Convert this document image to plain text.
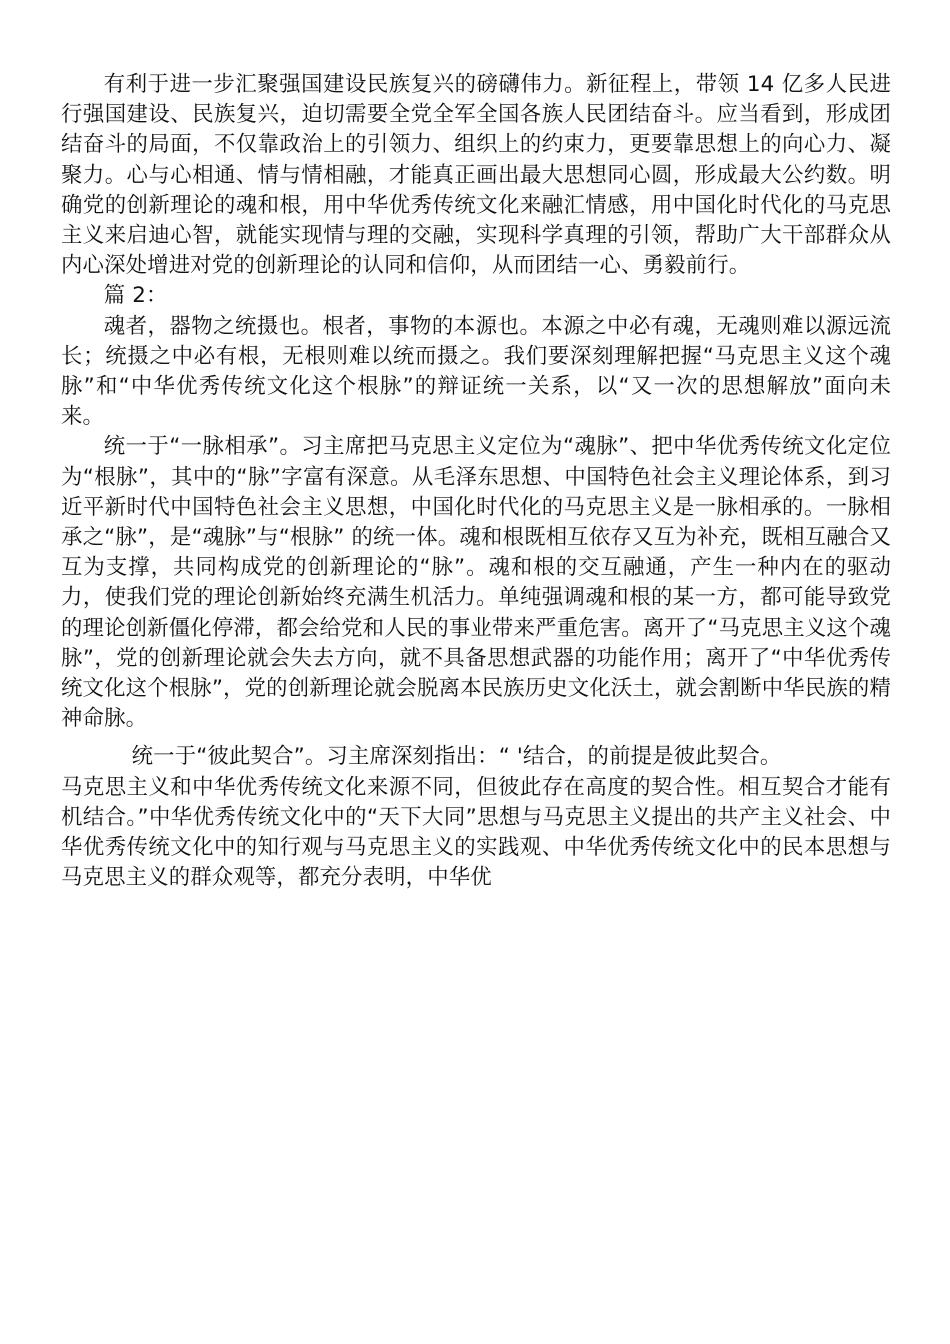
有利于进一步汇聚强国建设民族复兴的磅礴伟力。新征程上，带领 14 亿多人民进行强国建设、民族复兴，迫切需要全党全军全国各族人民团结奋斗。应当看到，形成团结奋斗的局面，不仅靠政治上的引领力、组织上的约束力，更要靠思想上的向心力、凝聚力。心与心相通、情与情相融，才能真正画出最大思想同心圆，形成最大公约数。明确党的创新理论的魂和根，用中华优秀传统文化来融汇情感，用中国化时代化的马克思主义来启迪心智，就能实现情与理的交融，实现科学真理的引领，帮助广大干部群众从内心深处增进对党的创新理论的认同和信仰，从而团结一心、勇毅前行。

篇 2：

魂者，器物之统摄也。根者，事物的本源也。本源之中必有魂，无魂则难以源远流长；统摄之中必有根，无根则难以统而摄之。我们要深刻理解把握“马克思主义这个魂脉”和“中华优秀传统文化这个根脉”的辩证统一关系，以“又一次的思想解放”面向未来。

统一于“一脉相承”。习主席把马克思主义定位为“魂脉”、把中华优秀传统文化定位为“根脉”，其中的“脉”字富有深意。从毛泽东思想、中国特色社会主义理论体系，到习近平新时代中国特色社会主义思想，中国化时代化的马克思主义是一脉相承的。一脉相承之“脉”，是“魂脉”与“根脉” 的统一体。魂和根既相互依存又互为补充，既相互融合又互为支撑，共同构成党的创新理论的“脉”。魂和根的交互融通，产生一种内在的驱动力，使我们党的理论创新始终充满生机活力。单纯强调魂和根的某一方，都可能导致党的理论创新僵化停滞，都会给党和人民的事业带来严重危害。离开了“马克思主义这个魂脉”，党的创新理论就会失去方向，就不具备思想武器的功能作用；离开了“中华优秀传统文化这个根脉”，党的创新理论就会脱离本民族历史文化沃土，就会割断中华民族的精神命脉。

统一于“彼此契合”。习主席深刻指出：“ '结合，的前提是彼此契合。

马克思主义和中华优秀传统文化来源不同，但彼此存在高度的契合性。相互契合才能有机结合。”中华优秀传统文化中的“天下大同”思想与马克思主义提出的共产主义社会、中华优秀传统文化中的知行观与马克思主义的实践观、中华优秀传统文化中的民本思想与马克思主义的群众观等，都充分表明，中华优
